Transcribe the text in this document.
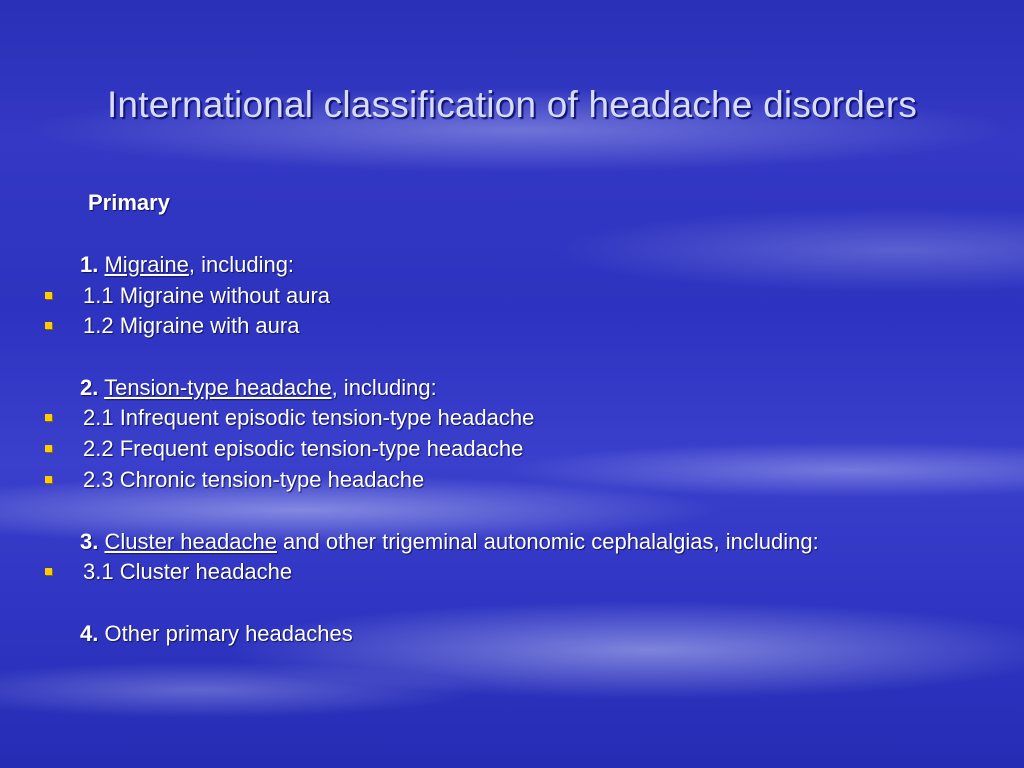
International classification of headache disorders
Primary
1. Migraine, including:
1.1 Migraine without aura
1.2 Migraine with aura
2. Tension-type headache, including:
2.1 Infrequent episodic tension-type headache
2.2 Frequent episodic tension-type headache
2.3 Chronic tension-type headache
3. Cluster headache and other trigeminal autonomic cephalalgias, including:
3.1 Cluster headache
4. Other primary headaches
